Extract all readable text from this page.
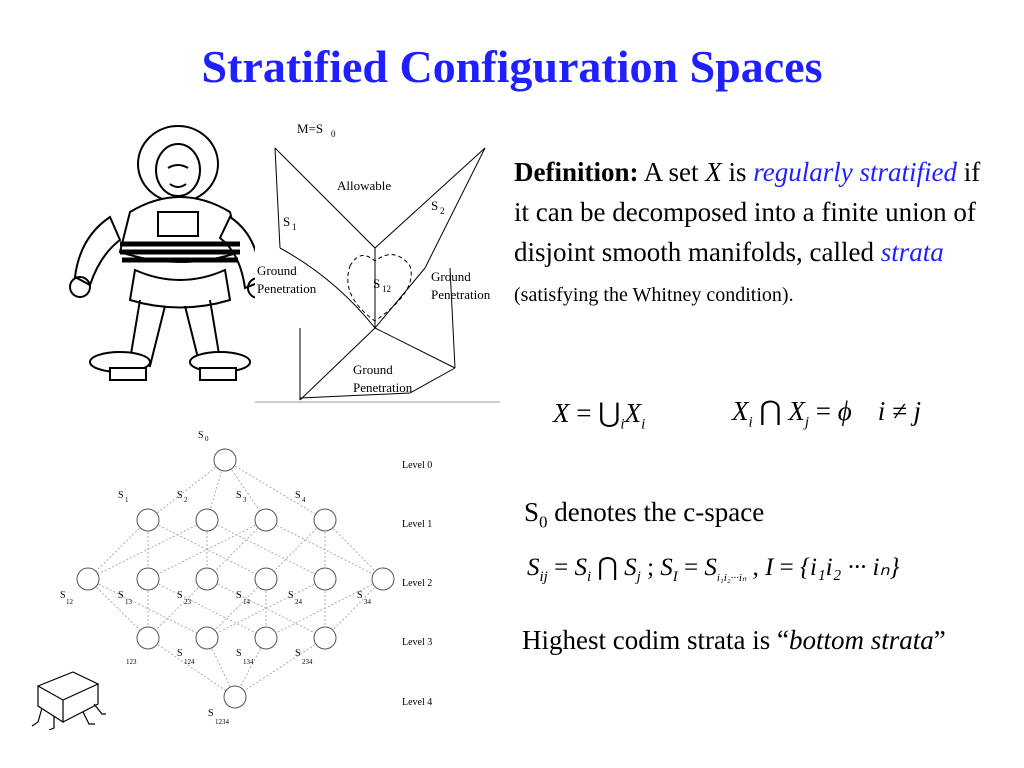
Stratified Configuration Spaces
M=S 0
Allowable
S 1
S 2
S 12
Ground
Penetration
Ground
Penetration
Ground
Penetration
S 0
S 1	S 2	S 3	S 4
S
12
S
13
S
23
S
14
S
24
S
34
123
S
124
S
134
S
234
S
1234
Level 0
Level 1
Level 2
Level 3
Level 4
Definition: A set X is regularly stratified if it can be decomposed into a finite union of disjoint smooth manifolds, called strata
(satisfying the Whitney condition).
$X = ⋃_iX_i$	$X_i$ ⋂ $X_j = \phi$ i ≠ j
$S_0$ denotes the c-space
$S_{ij} = S_i$ ⋂ $S_j$ ; $S_I = S_{i_1i_2\cdot\cdot\cdot i_n}$ , I = {i₁i₂ ··· iₙ}
Highest codim strata is “bottom strata”
